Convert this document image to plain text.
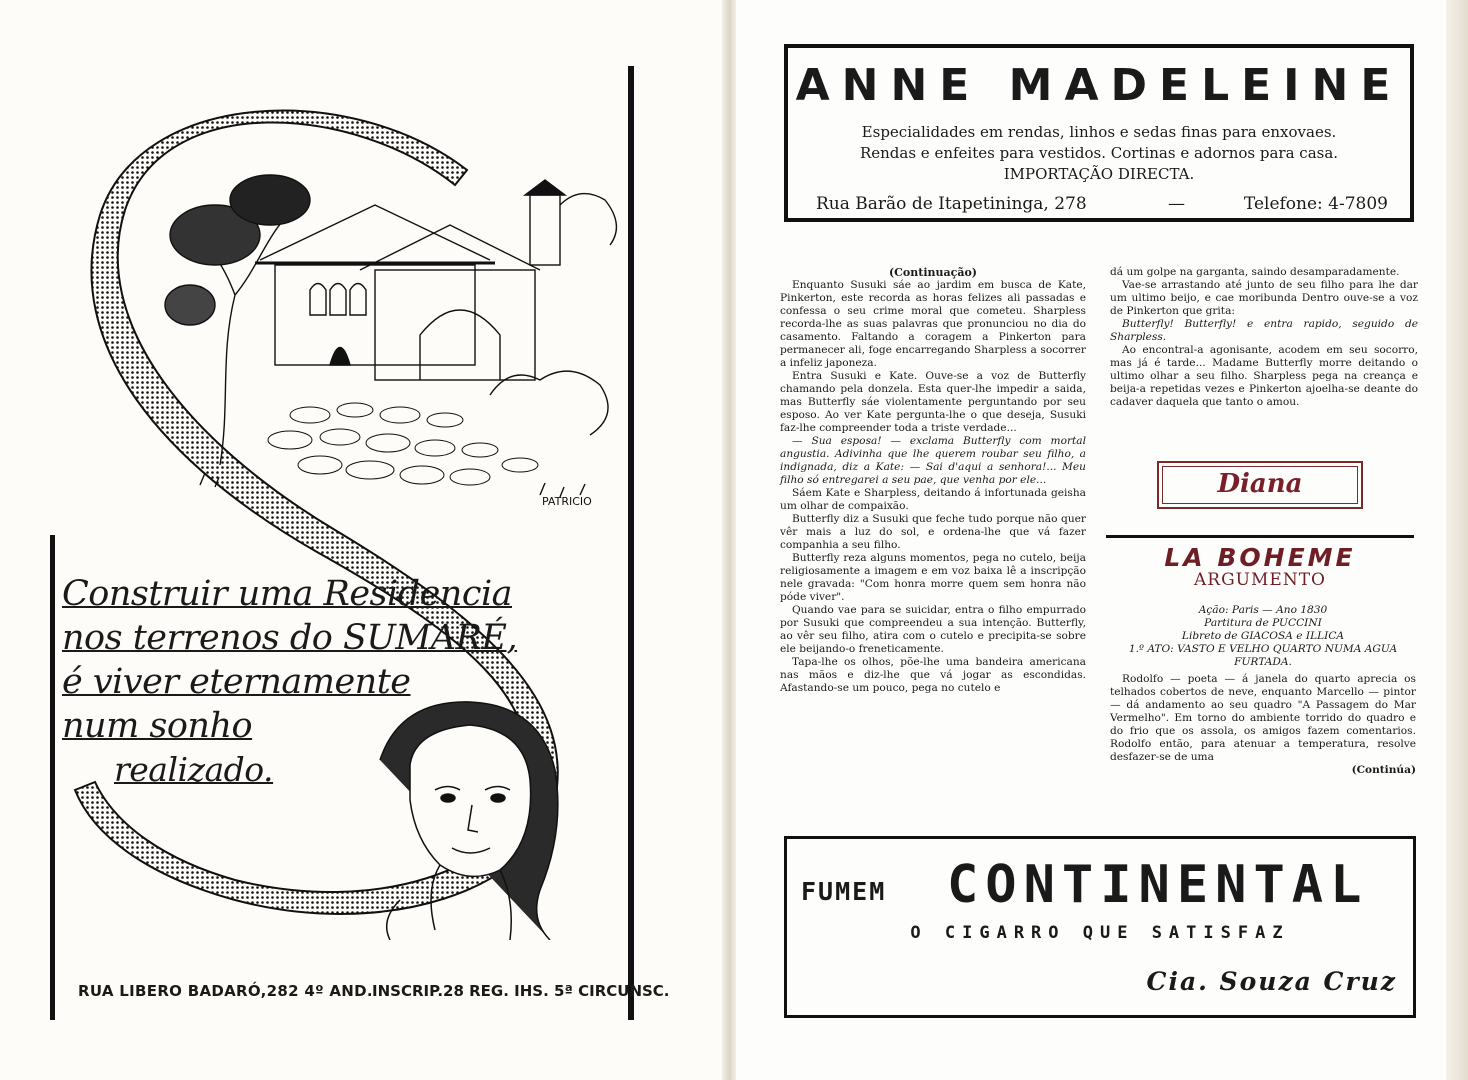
PATRICIO
Construir uma Residencia
nos terrenos do SUMARÉ,
é viver eternamente
num sonho
realizado.
RUA LIBERO BADARÓ,282 4º AND. INSCRIP.28 REG. IHS. 5ª CIRCUNSC.
ANNE MADELEINE
Especialidades em rendas, linhos e sedas finas para enxovaes.
Rendas e enfeites para vestidos. Cortinas e adornos para casa.
IMPORTAÇÃO DIRECTA.
Rua Barão de Itapetininga, 278	—	Telefone: 4-7809

(Continuação)

Enquanto Susuki sáe ao jardim em busca de Kate, Pinkerton, este recorda as horas felizes ali passadas e confessa o seu crime moral que cometeu. Sharpless recorda-lhe as suas palavras que pronunciou no dia do casamento. Faltando a coragem a Pinkerton para permanecer ali, foge encarregando Sharpless a socorrer a infeliz japoneza.

Entra Susuki e Kate. Ouve-se a voz de Butterfly chamando pela donzela. Esta quer-lhe impedir a saida, mas Butterfly sáe violentamente perguntando por seu esposo. Ao ver Kate pergunta-lhe o que deseja, Susuki faz-lhe compreender toda a triste verdade...

— Sua esposa! — exclama Butterfly com mortal angustia. Adivinha que lhe querem roubar seu filho, a indignada, diz a Kate: — Sai d'aqui a senhora!... Meu filho só entregarei a seu pae, que venha por ele...

Sáem Kate e Sharpless, deitando á infortunada geisha um olhar de compaixão.

Butterfly diz a Susuki que feche tudo porque não quer vêr mais a luz do sol, e ordena-lhe que vá fazer companhia a seu filho.

Butterfly reza alguns momentos, pega no cutelo, beija religiosamente a imagem e em voz baixa lê a inscripção nele gravada: "Com honra morre quem sem honra não póde viver".

Quando vae para se suicidar, entra o filho empurrado por Susuki que compreendeu a sua intenção. Butterfly, ao vêr seu filho, atira com o cutelo e precipita-se sobre ele beijando-o freneticamente.

Tapa-lhe os olhos, põe-lhe uma bandeira americana nas mãos e diz-lhe que vá jogar as escondidas. Afastando-se um pouco, pega no cutelo e

dá um golpe na garganta, saindo desamparadamente.

Vae-se arrastando até junto de seu filho para lhe dar um ultimo beijo, e cae moribunda Dentro ouve-se a voz de Pinkerton que grita:

Butterfly! Butterfly! e entra rapido, seguido de Sharpless.

Ao encontral-a agonisante, acodem em seu socorro, mas já é tarde... Madame Butterfly morre deitando o ultimo olhar a seu filho. Sharpless pega na creança e beija-a repetidas vezes e Pinkerton ajoelha-se deante do cadaver daquela que tanto o amou.

Diana
LA BOHEME
ARGUMENTO

Ação: Paris — Ano 1830

Partitura de PUCCINI

Libreto de GIACOSA e ILLICA

1.º ATO: VASTO E VELHO QUARTO NUMA AGUA FURTADA.

Rodolfo — poeta — á janela do quarto aprecia os telhados cobertos de neve, enquanto Marcello — pintor — dá andamento ao seu quadro "A Passagem do Mar Vermelho". Em torno do ambiente torrido do quadro e do frio que os assola, os amigos fazem comentarios. Rodolfo então, para atenuar a temperatura, resolve desfazer-se de uma

(Continúa)

FUMEM CONTINENTAL
O CIGARRO QUE SATISFAZ
Cia. Souza Cruz
